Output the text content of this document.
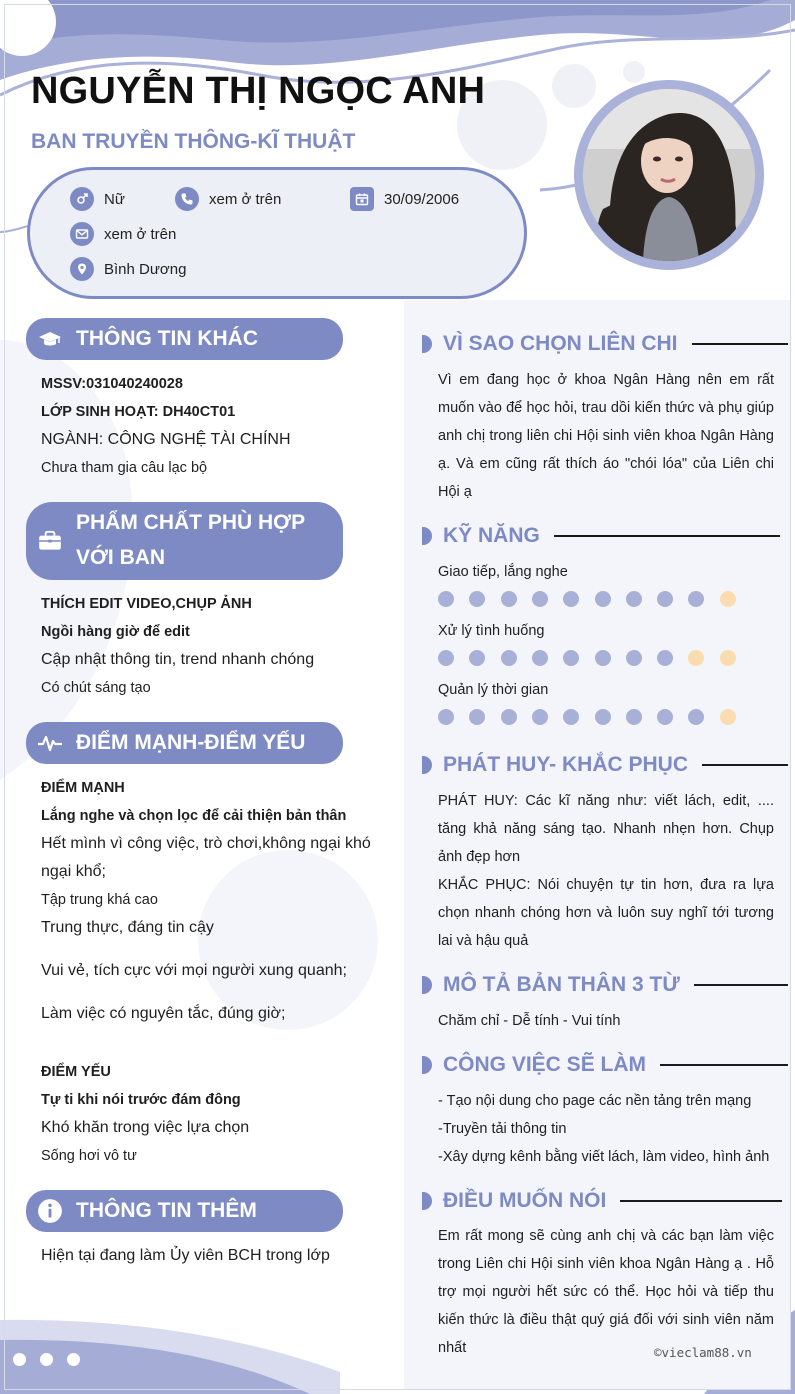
NGUYỄN THỊ NGỌC ANH
BAN TRUYỀN THÔNG-KĨ THUẬT
Nữ	xem ở trên	30/09/2006
xem ở trên
Bình Dương
THÔNG TIN KHÁC
MSSV:031040240028
LỚP SINH HOẠT: DH40CT01
NGÀNH: CÔNG NGHỆ TÀI CHÍNH
Chưa tham gia câu lạc bộ
PHẨM CHẤT PHÙ HỢP
VỚI BAN
THÍCH EDIT VIDEO,CHỤP ẢNH
Ngồi hàng giờ để edit
Cập nhật thông tin, trend nhanh chóng
Có chút sáng tạo
ĐIỂM MẠNH-ĐIỂM YẾU
ĐIỂM MẠNH
Lắng nghe và chọn lọc để cải thiện bản thân
Hết mình vì công việc, trò chơi,không ngại khó
ngại khổ;
Tập trung khá cao
Trung thực, đáng tin cậy
Vui vẻ, tích cực với mọi người xung quanh;
Làm việc có nguyên tắc, đúng giờ;
ĐIỂM YẾU
Tự ti khi nói trước đám đông
Khó khăn trong việc lựa chọn
Sống hơi vô tư
THÔNG TIN THÊM
Hiện tại đang làm Ủy viên BCH trong lớp
VÌ SAO CHỌN LIÊN CHI

Vì em đang học ở khoa Ngân Hàng nên em rất muốn vào để học hỏi, trau dồi kiến thức và phụ giúp anh chị trong liên chi Hội sinh viên khoa Ngân Hàng ạ. Và em cũng rất thích áo "chói lóa" của Liên chi Hội ạ

KỸ NĂNG
Giao tiếp, lắng nghe
Xử lý tình huống
Quản lý thời gian
PHÁT HUY- KHẮC PHỤC

PHÁT HUY: Các kĩ năng như: viết lách, edit, .... tăng khả năng sáng tạo. Nhanh nhẹn hơn. Chụp ảnh đẹp hơn

KHẮC PHỤC: Nói chuyện tự tin hơn, đưa ra lựa chọn nhanh chóng hơn và luôn suy nghĩ tới tương lai và hậu quả

MÔ TẢ BẢN THÂN 3 TỪ
Chăm chỉ - Dễ tính - Vui tính
CÔNG VIỆC SẼ LÀM
- Tạo nội dung cho page các nền tảng trên mạng
-Truyền tải thông tin
-Xây dựng kênh bằng viết lách, làm video, hình ảnh
ĐIỀU MUỐN NÓI

Em rất mong sẽ cùng anh chị và các bạn làm việc trong Liên chi Hội sinh viên khoa Ngân Hàng ạ . Hỗ trợ mọi người hết sức có thể. Học hỏi và tiếp thu kiến thức là điều thật quý giá đối với sinh viên năm nhất	©vieclam88.vn
